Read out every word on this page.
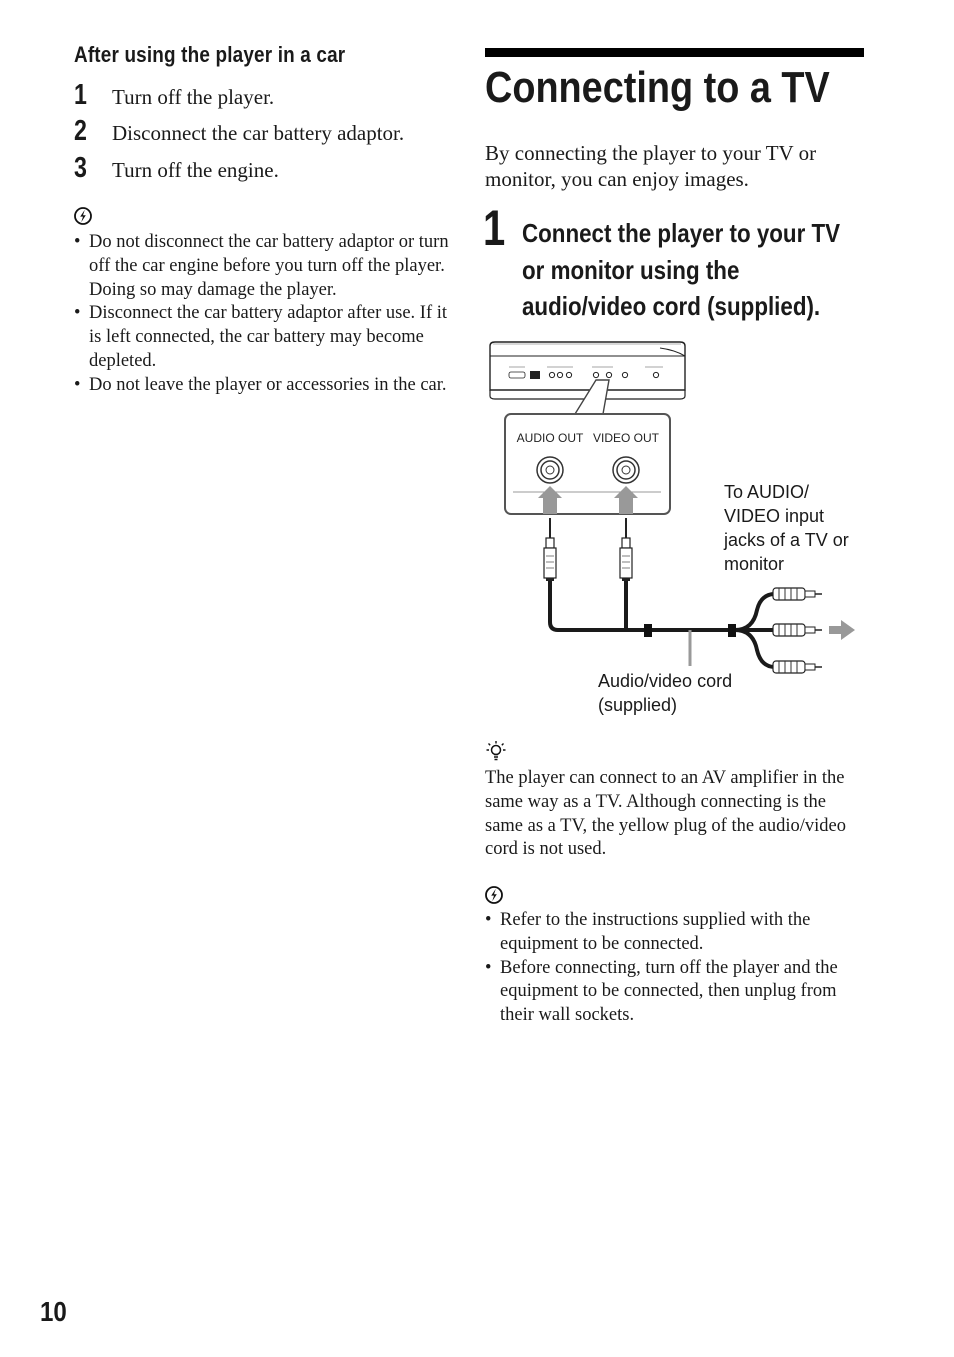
After using the player in a car
1 Turn off the player.
2 Disconnect the car battery adaptor.
3 Turn off the engine.
• Do not disconnect the car battery adaptor or turn off the car engine before you turn off the player. Doing so may damage the player.
• Disconnect the car battery adaptor after use. If it is left connected, the car battery may become depleted.
• Do not leave the player or accessories in the car.
Connecting to a TV
By connecting the player to your TV or monitor, you can enjoy images.
1 Connect the player to your TV or monitor using the audio/video cord (supplied).
AUDIO OUT VIDEO OUT
To AUDIO/ VIDEO input jacks of a TV or monitor
Audio/video cord (supplied)
The player can connect to an AV amplifier in the same way as a TV. Although connecting is the same as a TV, the yellow plug of the audio/video cord is not used.
• Refer to the instructions supplied with the equipment to be connected.
• Before connecting, turn off the player and the equipment to be connected, then unplug from their wall sockets.
10
